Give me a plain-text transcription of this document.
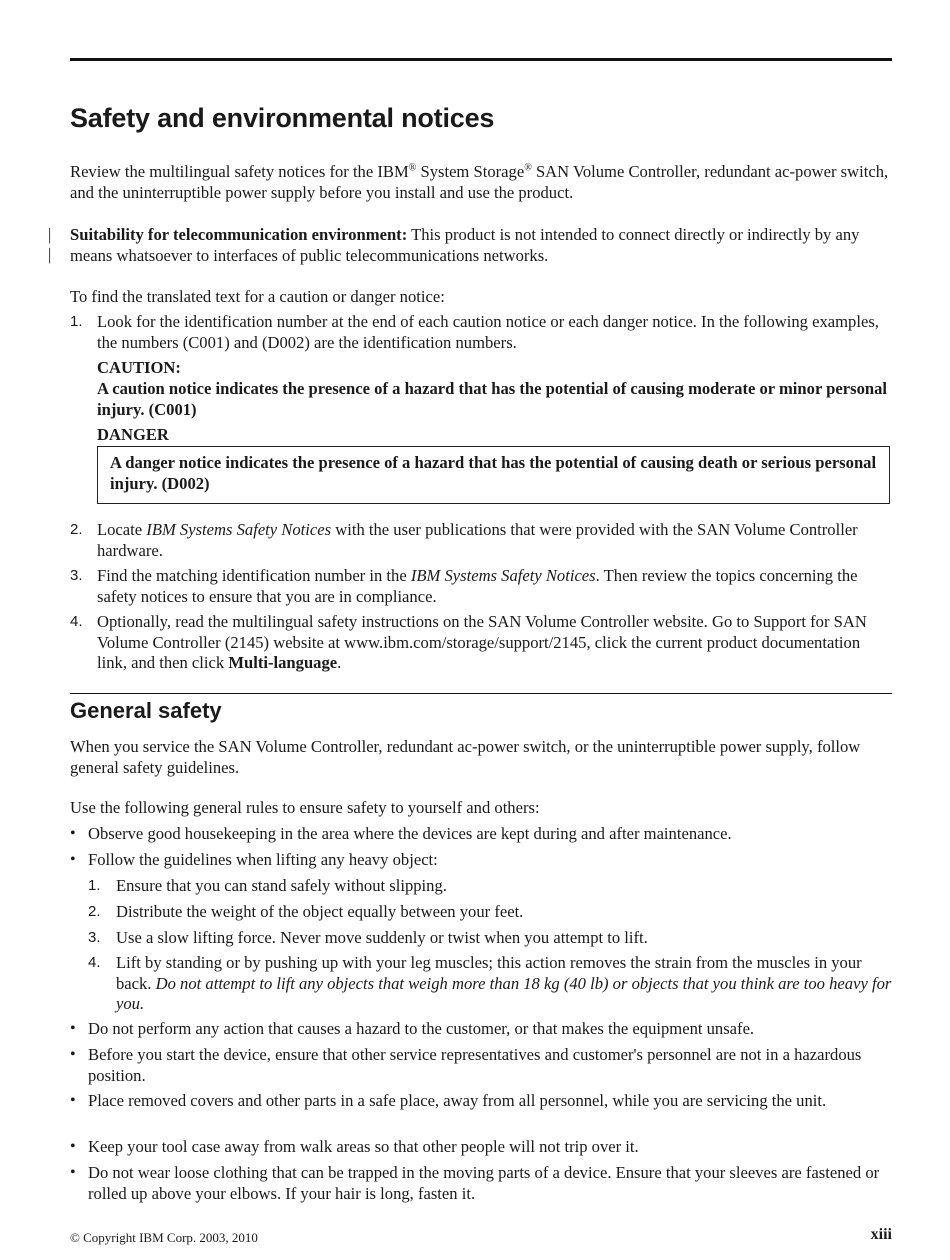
Safety and environmental notices

Review the multilingual safety notices for the IBM® System Storage® SAN Volume Controller, redundant ac-power switch, and the uninterruptible power supply before you install and use the product.

|
|

Suitability for telecommunication environment: This product is not intended to connect directly or indirectly by any means whatsoever to interfaces of public telecommunications networks.

To find the translated text for a caution or danger notice:

1. Look for the identification number at the end of each caution notice or each danger notice. In the following examples, the numbers (C001) and (D002) are the identification numbers.

CAUTION:

A caution notice indicates the presence of a hazard that has the potential of causing moderate or minor personal injury. (C001)

DANGER

A danger notice indicates the presence of a hazard that has the potential of causing death or serious personal injury. (D002)

2. Locate IBM Systems Safety Notices with the user publications that were provided with the SAN Volume Controller hardware.

3. Find the matching identification number in the IBM Systems Safety Notices. Then review the topics concerning the safety notices to ensure that you are in compliance.

4. Optionally, read the multilingual safety instructions on the SAN Volume Controller website. Go to Support for SAN Volume Controller (2145) website at www.ibm.com/storage/support/2145, click the current product documentation link, and then click Multi-language.

General safety

When you service the SAN Volume Controller, redundant ac-power switch, or the uninterruptible power supply, follow general safety guidelines.

Use the following general rules to ensure safety to yourself and others:

• Observe good housekeeping in the area where the devices are kept during and after maintenance.

• Follow the guidelines when lifting any heavy object:

1. Ensure that you can stand safely without slipping.

2. Distribute the weight of the object equally between your feet.

3. Use a slow lifting force. Never move suddenly or twist when you attempt to lift.

4. Lift by standing or by pushing up with your leg muscles; this action removes the strain from the muscles in your back. Do not attempt to lift any objects that weigh more than 18 kg (40 lb) or objects that you think are too heavy for you.

• Do not perform any action that causes a hazard to the customer, or that makes the equipment unsafe.

• Before you start the device, ensure that other service representatives and customer's personnel are not in a hazardous position.

• Place removed covers and other parts in a safe place, away from all personnel, while you are servicing the unit.

• Keep your tool case away from walk areas so that other people will not trip over it.

• Do not wear loose clothing that can be trapped in the moving parts of a device. Ensure that your sleeves are fastened or rolled up above your elbows. If your hair is long, fasten it.

© Copyright IBM Corp. 2003, 2010	xiii
